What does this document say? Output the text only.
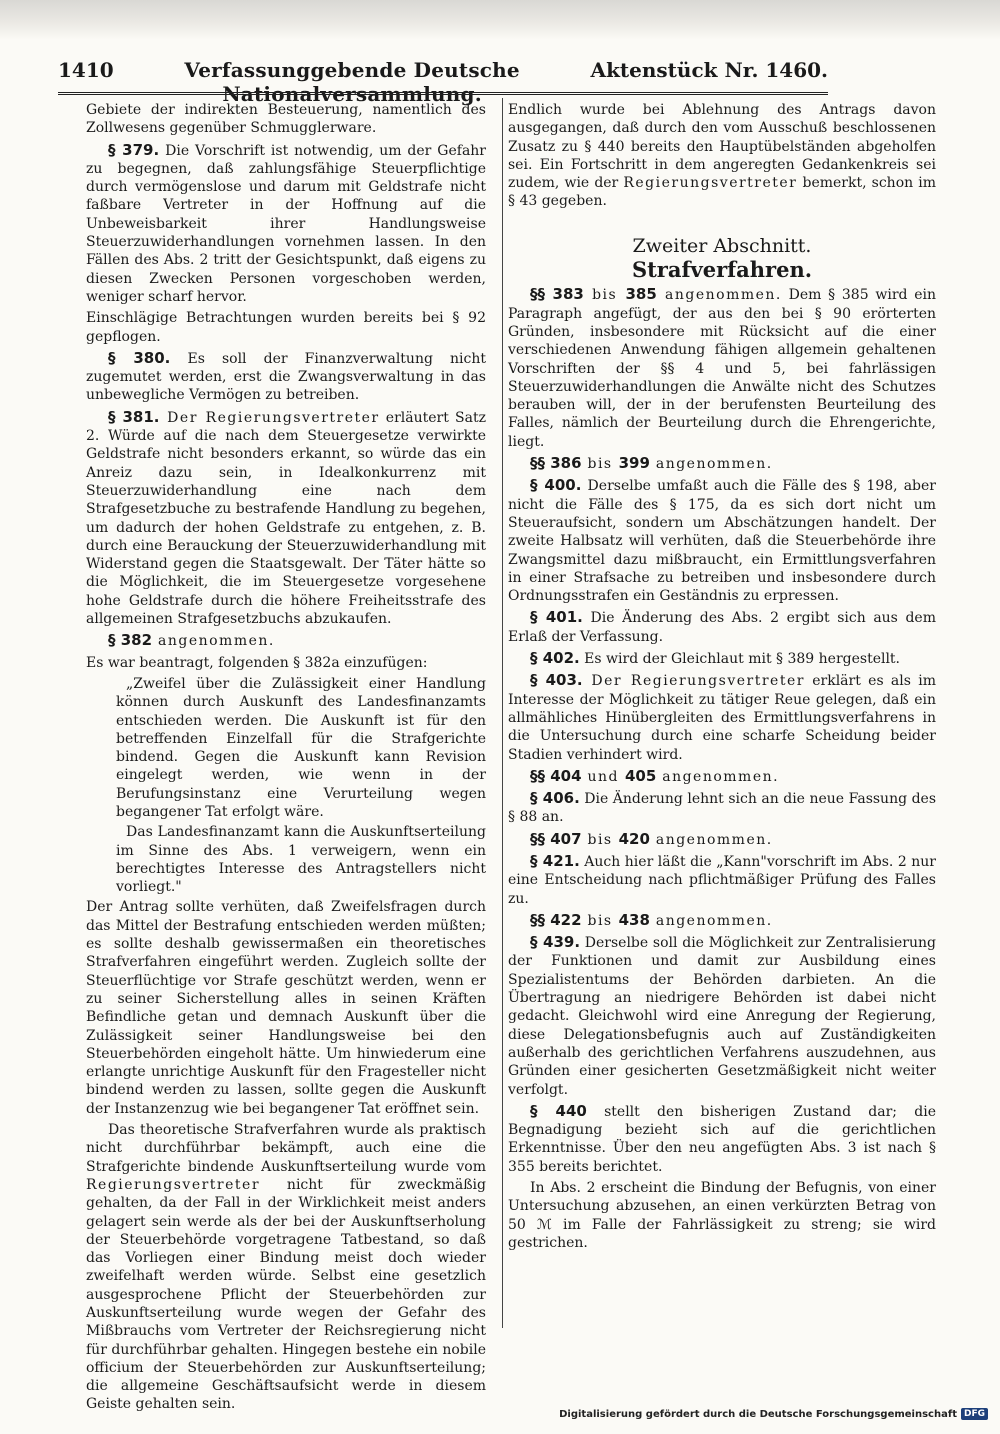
1410	Verfassunggebende Deutsche Nationalversammlung.
Aktenstück Nr. 1460.

Gebiete der indirekten Besteuerung, namentlich des Zollwesens gegenüber Schmugglerware.

§ 379. Die Vorschrift ist notwendig, um der Gefahr zu begegnen, daß zahlungsfähige Steuerpflichtige durch vermögenslose und darum mit Geldstrafe nicht faßbare Vertreter in der Hoffnung auf die Unbeweisbarkeit ihrer Handlungsweise Steuerzuwiderhandlungen vornehmen lassen. In den Fällen des Abs. 2 tritt der Gesichtspunkt, daß eigens zu diesen Zwecken Personen vorgeschoben werden, weniger scharf hervor.

Einschlägige Betrachtungen wurden bereits bei § 92 gepflogen.

§ 380. Es soll der Finanzverwaltung nicht zugemutet werden, erst die Zwangsverwaltung in das unbewegliche Vermögen zu betreiben.

§ 381. Der Regierungsvertreter erläutert Satz 2. Würde auf die nach dem Steuergesetze verwirkte Geldstrafe nicht besonders erkannt, so würde das ein Anreiz dazu sein, in Idealkonkurrenz mit Steuerzuwiderhandlung eine nach dem Strafgesetzbuche zu bestrafende Handlung zu begehen, um dadurch der hohen Geldstrafe zu entgehen, z. B. durch eine Berauckung der Steuerzuwiderhandlung mit Widerstand gegen die Staatsgewalt. Der Täter hätte so die Möglichkeit, die im Steuergesetze vorgesehene hohe Geldstrafe durch die höhere Freiheitsstrafe des allgemeinen Strafgesetzbuchs abzukaufen.

§ 382 angenommen.

Es war beantragt, folgenden § 382a einzufügen:

„Zweifel über die Zulässigkeit einer Handlung können durch Auskunft des Landesfinanzamts entschieden werden. Die Auskunft ist für den betreffenden Einzelfall für die Strafgerichte bindend. Gegen die Auskunft kann Revision eingelegt werden, wie wenn in der Berufungsinstanz eine Verurteilung wegen begangener Tat erfolgt wäre.

Das Landesfinanzamt kann die Auskunftserteilung im Sinne des Abs. 1 verweigern, wenn ein berechtigtes Interesse des Antragstellers nicht vorliegt."

Der Antrag sollte verhüten, daß Zweifelsfragen durch das Mittel der Bestrafung entschieden werden müßten; es sollte deshalb gewissermaßen ein theoretisches Strafverfahren eingeführt werden. Zugleich sollte der Steuerflüchtige vor Strafe geschützt werden, wenn er zu seiner Sicherstellung alles in seinen Kräften Befindliche getan und demnach Auskunft über die Zulässigkeit seiner Handlungsweise bei den Steuerbehörden eingeholt hätte. Um hinwiederum eine erlangte unrichtige Auskunft für den Fragesteller nicht bindend werden zu lassen, sollte gegen die Auskunft der Instanzenzug wie bei begangener Tat eröffnet sein.

Das theoretische Strafverfahren wurde als praktisch nicht durchführbar bekämpft, auch eine die Strafgerichte bindende Auskunftserteilung wurde vom Regierungsvertreter nicht für zweckmäßig gehalten, da der Fall in der Wirklichkeit meist anders gelagert sein werde als der bei der Auskunftserholung der Steuerbehörde vorgetragene Tatbestand, so daß das Vorliegen einer Bindung meist doch wieder zweifelhaft werden würde. Selbst eine gesetzlich ausgesprochene Pflicht der Steuerbehörden zur Auskunftserteilung wurde wegen der Gefahr des Mißbrauchs vom Vertreter der Reichsregierung nicht für durchführbar gehalten. Hingegen bestehe ein nobile officium der Steuerbehörden zur Auskunftserteilung; die allgemeine Geschäftsaufsicht werde in diesem Geiste gehalten sein.

Endlich wurde bei Ablehnung des Antrags davon ausgegangen, daß durch den vom Ausschuß beschlossenen Zusatz zu § 440 bereits den Hauptübelständen abgeholfen sei. Ein Fortschritt in dem angeregten Gedankenkreis sei zudem, wie der Regierungsvertreter bemerkt, schon im § 43 gegeben.

Zweiter Abschnitt.
Strafverfahren.

§§ 383 bis 385 angenommen. Dem § 385 wird ein Paragraph angefügt, der aus den bei § 90 erörterten Gründen, insbesondere mit Rücksicht auf die einer verschiedenen Anwendung fähigen allgemein gehaltenen Vorschriften der §§ 4 und 5, bei fahrlässigen Steuerzuwiderhandlungen die Anwälte nicht des Schutzes berauben will, der in der berufensten Beurteilung des Falles, nämlich der Beurteilung durch die Ehrengerichte, liegt.

§§ 386 bis 399 angenommen.

§ 400. Derselbe umfaßt auch die Fälle des § 198, aber nicht die Fälle des § 175, da es sich dort nicht um Steueraufsicht, sondern um Abschätzungen handelt. Der zweite Halbsatz will verhüten, daß die Steuerbehörde ihre Zwangsmittel dazu mißbraucht, ein Ermittlungsverfahren in einer Strafsache zu betreiben und insbesondere durch Ordnungsstrafen ein Geständnis zu erpressen.

§ 401. Die Änderung des Abs. 2 ergibt sich aus dem Erlaß der Verfassung.

§ 402. Es wird der Gleichlaut mit § 389 hergestellt.

§ 403. Der Regierungsvertreter erklärt es als im Interesse der Möglichkeit zu tätiger Reue gelegen, daß ein allmähliches Hinübergleiten des Ermittlungsverfahrens in die Untersuchung durch eine scharfe Scheidung beider Stadien verhindert wird.

§§ 404 und 405 angenommen.

§ 406. Die Änderung lehnt sich an die neue Fassung des § 88 an.

§§ 407 bis 420 angenommen.

§ 421. Auch hier läßt die „Kann"vorschrift im Abs. 2 nur eine Entscheidung nach pflichtmäßiger Prüfung des Falles zu.

§§ 422 bis 438 angenommen.

§ 439. Derselbe soll die Möglichkeit zur Zentralisierung der Funktionen und damit zur Ausbildung eines Spezialistentums der Behörden darbieten. An die Übertragung an niedrigere Behörden ist dabei nicht gedacht. Gleichwohl wird eine Anregung der Regierung, diese Delegationsbefugnis auch auf Zuständigkeiten außerhalb des gerichtlichen Verfahrens auszudehnen, aus Gründen einer gesicherten Gesetzmäßigkeit nicht weiter verfolgt.

§ 440 stellt den bisherigen Zustand dar; die Begnadigung bezieht sich auf die gerichtlichen Erkenntnisse. Über den neu angefügten Abs. 3 ist nach § 355 bereits berichtet.

In Abs. 2 erscheint die Bindung der Befugnis, von einer Untersuchung abzusehen, an einen verkürzten Betrag von 50 ℳ im Falle der Fahrlässigkeit zu streng; sie wird gestrichen.

Digitalisierung gefördert durch die Deutsche Forschungsgemeinschaft DFG
